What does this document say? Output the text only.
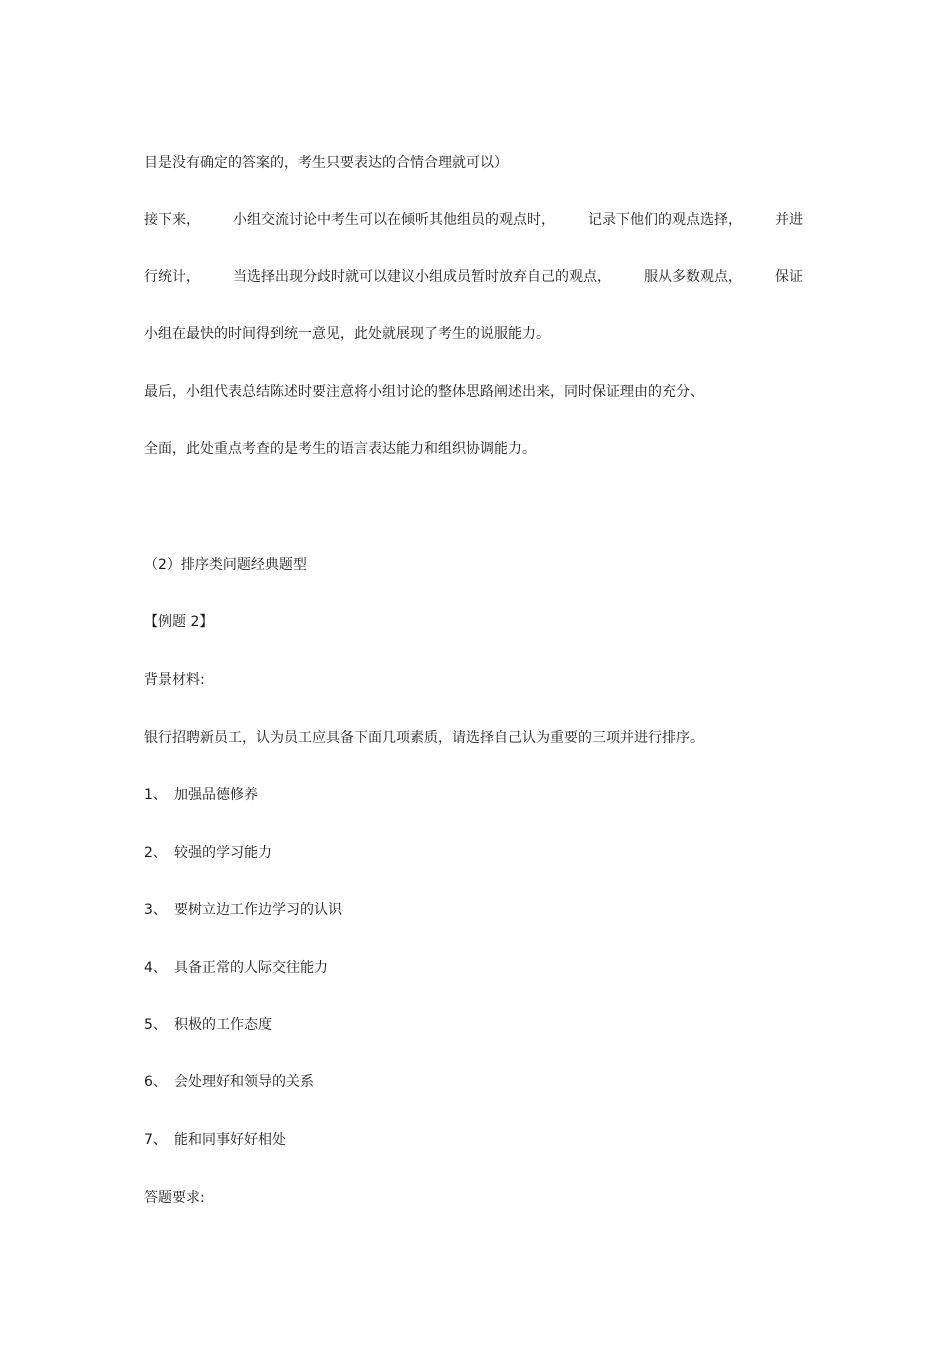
目是没有确定的答案的，考生只要表达的合情合理就可以）
接下来， 小组交流讨论中考生可以在倾听其他组员的观点时， 记录下他们的观点选择， 并进
行统计， 当选择出现分歧时就可以建议小组成员暂时放弃自己的观点， 服从多数观点， 保证
小组在最快的时间得到统一意见，此处就展现了考生的说服能力。
最后，小组代表总结陈述时要注意将小组讨论的整体思路阐述出来，同时保证理由的充分、
全面，此处重点考查的是考生的语言表达能力和组织协调能力。
（2）排序类问题经典题型
【例题 2】
背景材料:
银行招聘新员工，认为员工应具备下面几项素质，请选择自己认为重要的三项并进行排序。
1、 加强品德修养
2、 较强的学习能力
3、 要树立边工作边学习的认识
4、 具备正常的人际交往能力
5、 积极的工作态度
6、 会处理好和领导的关系
7、 能和同事好好相处
答题要求:
